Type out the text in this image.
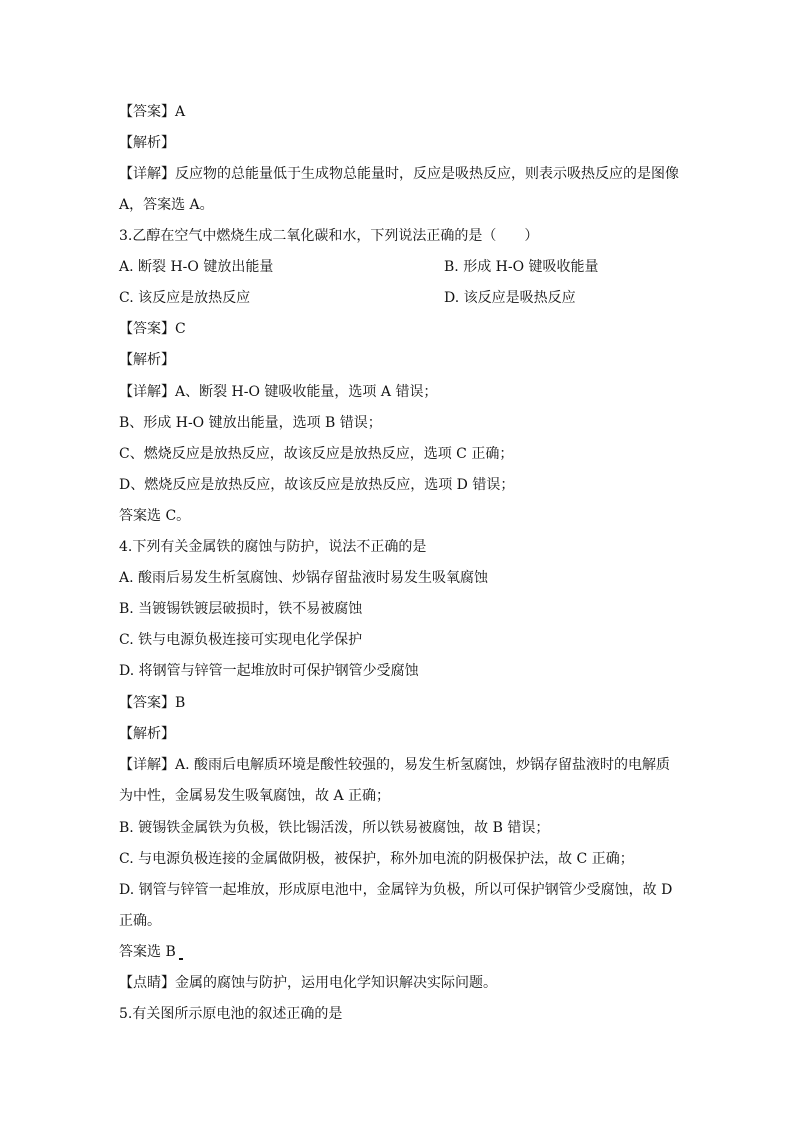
【答案】A
【解析】
【详解】反应物的总能量低于生成物总能量时，反应是吸热反应，则表示吸热反应的是图像
A，答案选 A。
3.乙醇在空气中燃烧生成二氧化碳和水，下列说法正确的是（　　）
A. 断裂 H-O 键放出能量	B. 形成 H-O 键吸收能量
C. 该反应是放热反应	D. 该反应是吸热反应
【答案】C
【解析】
【详解】A、断裂 H-O 键吸收能量，选项 A 错误；
B、形成 H-O 键放出能量，选项 B 错误；
C、燃烧反应是放热反应，故该反应是放热反应，选项 C 正确；
D、燃烧反应是放热反应，故该反应是放热反应，选项 D 错误；
答案选 C。
4.下列有关金属铁的腐蚀与防护，说法不正确的是
A. 酸雨后易发生析氢腐蚀、炒锅存留盐液时易发生吸氧腐蚀
B. 当镀锡铁镀层破损时，铁不易被腐蚀
C. 铁与电源负极连接可实现电化学保护
D. 将钢管与锌管一起堆放时可保护钢管少受腐蚀
【答案】B
【解析】
【详解】A. 酸雨后电解质环境是酸性较强的，易发生析氢腐蚀，炒锅存留盐液时的电解质
为中性，金属易发生吸氧腐蚀，故 A 正确；
B. 镀锡铁金属铁为负极，铁比锡活泼，所以铁易被腐蚀，故 B 错误；
C. 与电源负极连接的金属做阴极，被保护，称外加电流的阴极保护法，故 C 正确；
D. 钢管与锌管一起堆放，形成原电池中，金属锌为负极，所以可保护钢管少受腐蚀，故 D
正确。
答案选 B
【点睛】金属的腐蚀与防护，运用电化学知识解决实际问题。
5.有关图所示原电池的叙述正确的是
